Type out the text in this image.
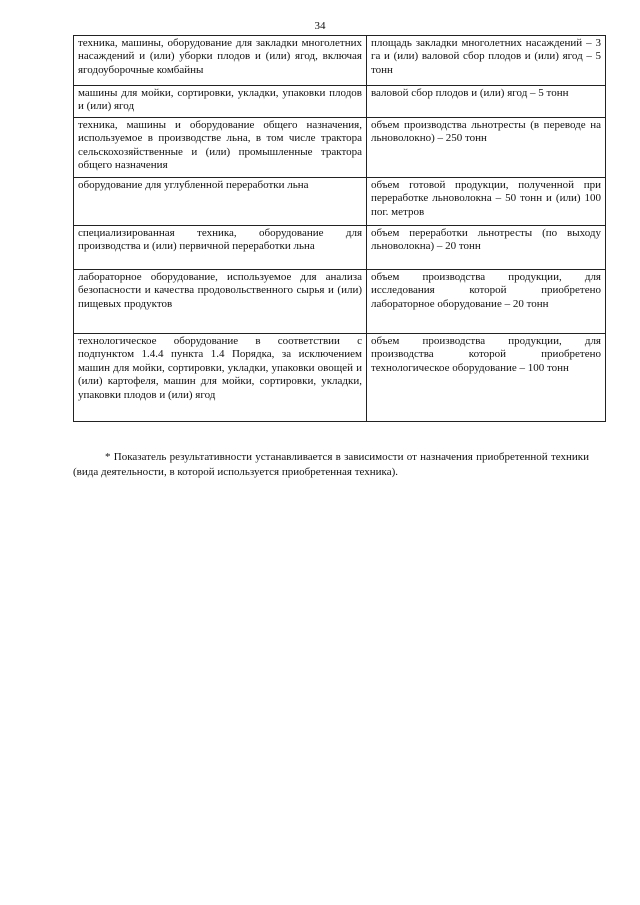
34
техника, машины, оборудование для закладки многолетних насаждений и (или) уборки плодов и (или) ягод, включая ягодоуборочные комбайны	площадь закладки многолетних насаждений – 3 га и (или) валовой сбор плодов и (или) ягод – 5 тонн
машины для мойки, сортировки, укладки, упаковки плодов и (или) ягод	валовой сбор плодов и (или) ягод – 5 тонн
техника, машины и оборудование общего назначения, используемое в производстве льна, в том числе трактора сельскохозяйственные и (или) промышленные трактора общего назначения	объем производства льнотресты (в переводе на льноволокно) – 250 тонн
оборудование для углубленной переработки льна	объем готовой продукции, полученной при переработке льноволокна – 50 тонн и (или) 100 пог. метров
специализированная техника, оборудование для производства и (или) первичной переработки льна	объем переработки льнотресты (по выходу льноволокна) – 20 тонн
лабораторное оборудование, используемое для анализа безопасности и качества продовольственного сырья и (или) пищевых продуктов	объем производства продукции, для исследования которой приобретено лабораторное оборудование – 20 тонн
технологическое оборудование в соответствии с подпунктом 1.4.4 пункта 1.4 Порядка, за исключением машин для мойки, сортировки, укладки, упаковки овощей и (или) картофеля, машин для мойки, сортировки, укладки, упаковки плодов и (или) ягод	объем производства продукции, для производства которой приобретено технологическое оборудование – 100 тонн

* Показатель результативности устанавливается в зависимости от назначения приобретенной техники (вида деятельности, в которой используется приобретенная техника).
